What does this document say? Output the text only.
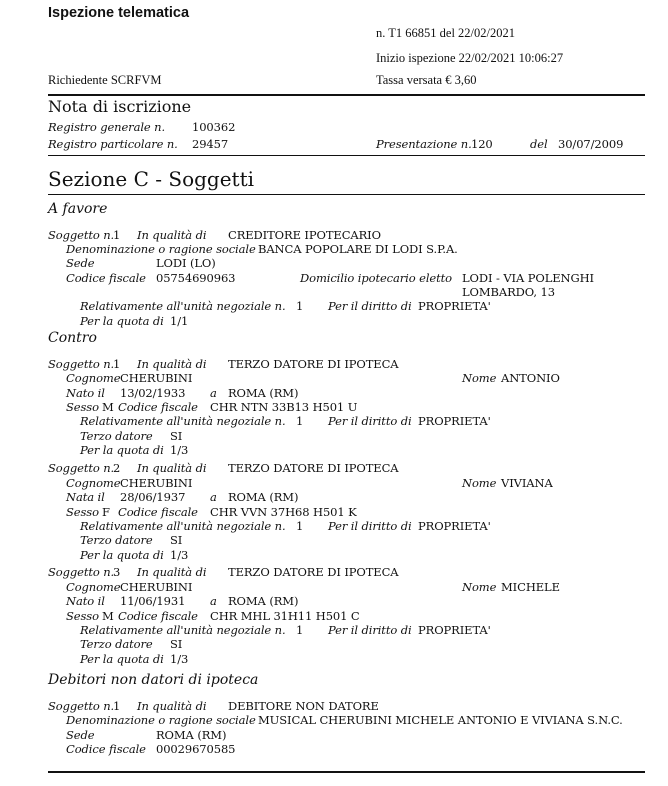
Ispezione telematica
n. T1 66851 del 22/02/2021
Inizio ispezione 22/02/2021 10:06:27
Richiedente SCRFVM	Tassa versata € 3,60
Nota di iscrizione
Registro generale n. 100362
Registro particolare n. 29457	Presentazione n. 120	del 30/07/2009
Sezione C - Soggetti
A favore
Soggetto n.
1 In qualità di CREDITORE IPOTECARIO
Denominazione o ragione sociale BANCA POPOLARE DI LODI S.P.A.
Sede	LODI (LO)
Codice fiscale 05754690963	Domicilio ipotecario eletto LODI - VIA POLENGHI
LOMBARDO, 13
Relativamente all'unità negoziale n. 1 Per il diritto di PROPRIETA'
Per la quota di 1/1
Contro
Soggetto n.
1 In qualità di TERZO DATORE DI IPOTECA
Cognome CHERUBINI	Nome ANTONIO
Nato il 13/02/1933 a ROMA (RM)
Sesso M Codice fiscale CHR NTN 33B13 H501 U
Relativamente all'unità negoziale n. 1 Per il diritto di PROPRIETA'
Terzo datore SI
Per la quota di 1/3
Soggetto n.
2 In qualità di TERZO DATORE DI IPOTECA
Cognome CHERUBINI	Nome VIVIANA
Nata il 28/06/1937 a ROMA (RM)
Sesso F Codice fiscale CHR VVN 37H68 H501 K
Relativamente all'unità negoziale n. 1 Per il diritto di PROPRIETA'
Terzo datore SI
Per la quota di 1/3
Soggetto n.
3 In qualità di TERZO DATORE DI IPOTECA
Cognome CHERUBINI	Nome MICHELE
Nato il 11/06/1931 a ROMA (RM)
Sesso M Codice fiscale CHR MHL 31H11 H501 C
Relativamente all'unità negoziale n. 1 Per il diritto di PROPRIETA'
Terzo datore SI
Per la quota di 1/3
Debitori non datori di ipoteca
Soggetto n.
1 In qualità di DEBITORE NON DATORE
Denominazione o ragione sociale MUSICAL CHERUBINI MICHELE ANTONIO E VIVIANA S.N.C.
Sede	ROMA (RM)
Codice fiscale 00029670585
